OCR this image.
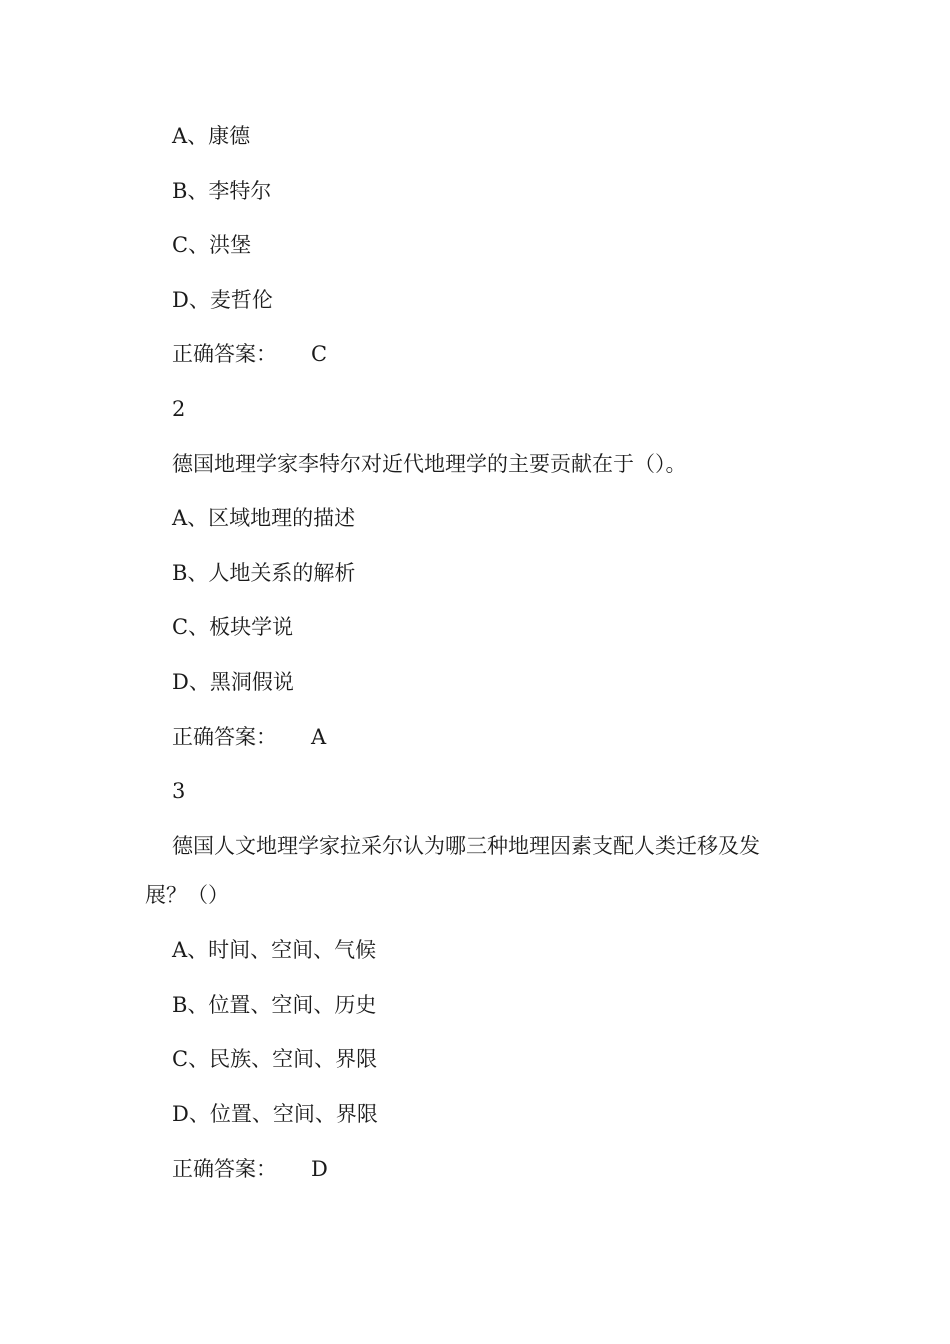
A、康德
B、李特尔
C、洪堡
D、麦哲伦
正确答案： C
2
德国地理学家李特尔对近代地理学的主要贡献在于（）。
A、区域地理的描述
B、人地关系的解析
C、板块学说
D、黑洞假说
正确答案： A
3
德国人文地理学家拉采尔认为哪三种地理因素支配人类迁移及发
展？（）
A、时间、空间、气候
B、位置、空间、历史
C、民族、空间、界限
D、位置、空间、界限
正确答案： D
